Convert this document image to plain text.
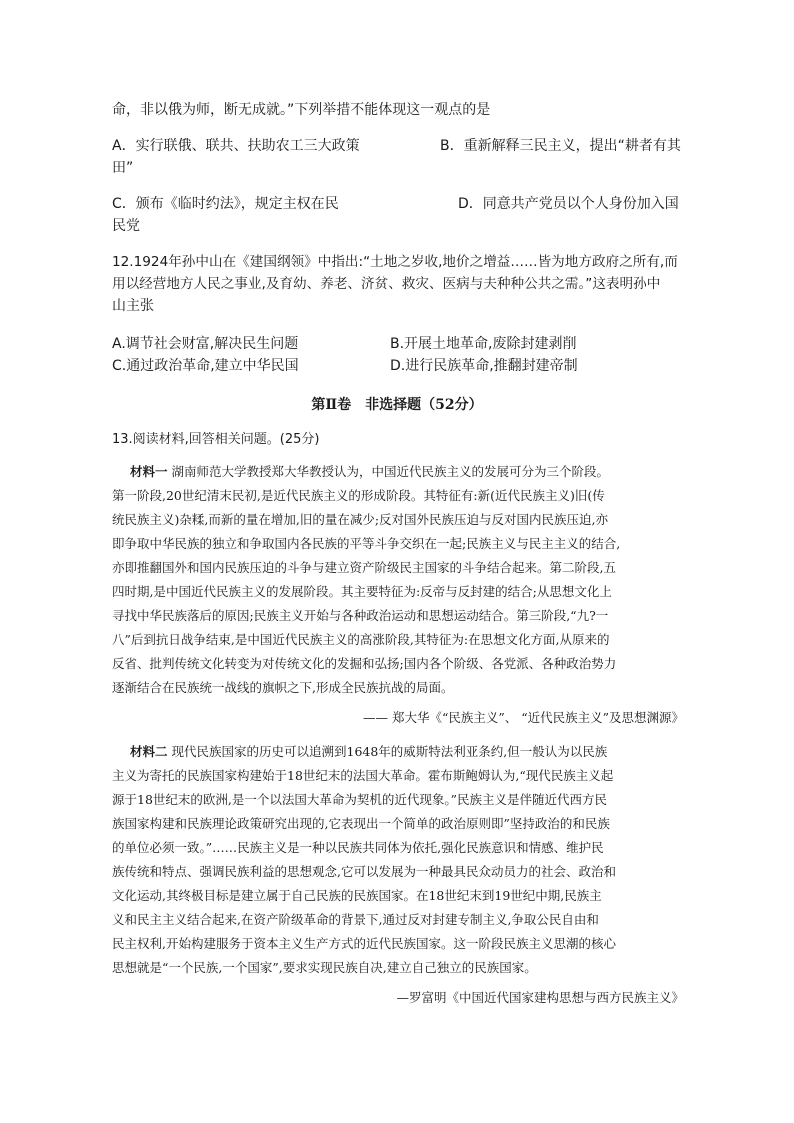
命，非以俄为师，断无成就。”下列举措不能体现这一观点的是
A．实行联俄、联共、扶助农工三大政策	B．重新解释三民主义，提出“耕者有其
田”
C．颁布《临时约法》，规定主权在民	D．同意共产党员以个人身份加入国
民党
12.1924年孙中山在《建国纲领》中指出:“土地之岁收,地价之增益……皆为地方政府之所有,而
用以经营地方人民之事业,及育幼、养老、济贫、救灾、医病与夫种种公共之需。”这表明孙中
山主张
A.调节社会财富,解决民生问题	B.开展土地革命,废除封建剥削
C.通过政治革命,建立中华民国	D.进行民族革命,推翻封建帝制
第Ⅱ卷　非选择题（52分）
13.阅读材料,回答相关问题。(25分)
材料一 湖南师范大学教授郑大华教授认为，中国近代民族主义的发展可分为三个阶段。
第一阶段,20世纪清末民初,是近代民族主义的形成阶段。其特征有:新(近代民族主义)旧(传
统民族主义)杂糅,而新的量在增加,旧的量在减少;反对国外民族压迫与反对国内民族压迫,亦
即争取中华民族的独立和争取国内各民族的平等斗争交织在一起;民族主义与民主主义的结合,
亦即推翻国外和国内民族压迫的斗争与建立资产阶级民主国家的斗争结合起来。第二阶段,五
四时期,是中国近代民族主义的发展阶段。其主要特征为:反帝与反封建的结合;从思想文化上
寻找中华民族落后的原因;民族主义开始与各种政治运动和思想运动结合。第三阶段,“九?一
八”后到抗日战争结束,是中国近代民族主义的高涨阶段,其特征为:在思想文化方面,从原来的
反省、批判传统文化转变为对传统文化的发掘和弘扬;国内各个阶级、各党派、各种政治势力
逐渐结合在民族统一战线的旗帜之下,形成全民族抗战的局面。
—— 郑大华《“民族主义”、 “近代民族主义”及思想渊源》
材料二 现代民族国家的历史可以追溯到1648年的威斯特法利亚条约,但一般认为以民族
主义为寄托的民族国家构建始于18世纪末的法国大革命。霍布斯鲍姆认为,“现代民族主义起
源于18世纪末的欧洲,是一个以法国大革命为契机的近代现象。”民族主义是伴随近代西方民
族国家构建和民族理论政策研究出现的,它表现出一个简单的政治原则即”坚持政治的和民族
的单位必须一致。”……民族主义是一种以民族共同体为依托,强化民族意识和情感、维护民
族传统和特点、强调民族利益的思想观念,它可以发展为一种最具民众动员力的社会、政治和
文化运动,其终极目标是建立属于自己民族的民族国家。在18世纪末到19世纪中期,民族主
义和民主主义结合起来,在资产阶级革命的背景下,通过反对封建专制主义,争取公民自由和
民主权利,开始构建服务于资本主义生产方式的近代民族国家。这一阶段民族主义思潮的核心
思想就是“一个民族,一个国家”,要求实现民族自决,建立自己独立的民族国家。
—罗富明《中国近代国家建构思想与西方民族主义》
